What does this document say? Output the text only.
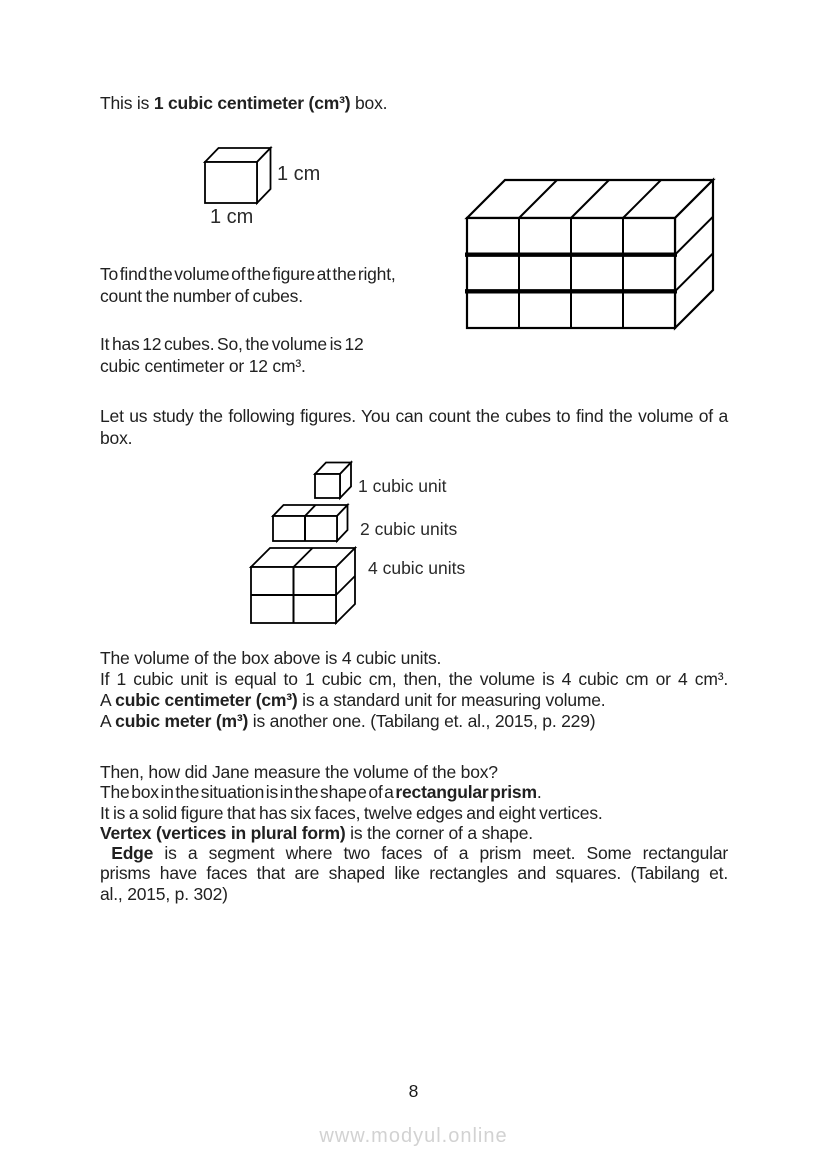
This is 1 cubic centimeter (cm³) box.
1 cm
1 cm
To find the volume of the figure at the right,
count the number of cubes.
It has 12 cubes. So, the volume is 12
cubic centimeter or 12 cm³.
Let us study the following figures. You can count the cubes to find the volume of a
box.
1 cubic unit
2 cubic units
4 cubic units
The volume of the box above is 4 cubic units.
If 1 cubic unit is equal to 1 cubic cm, then, the volume is 4 cubic cm or 4 cm³.
A cubic centimeter (cm³) is a standard unit for measuring volume.
A cubic meter (m³) is another one. (Tabilang et. al., 2015, p. 229)
Then, how did Jane measure the volume of the box?
The box in the situation is in the shape of a rectangular prism.
It is a solid figure that has six faces, twelve edges and eight vertices.
Vertex (vertices in plural form) is the corner of a shape.
Edge is a segment where two faces of a prism meet. Some rectangular
prisms have faces that are shaped like rectangles and squares. (Tabilang et.
al., 2015, p. 302)
8
www.modyul.online
